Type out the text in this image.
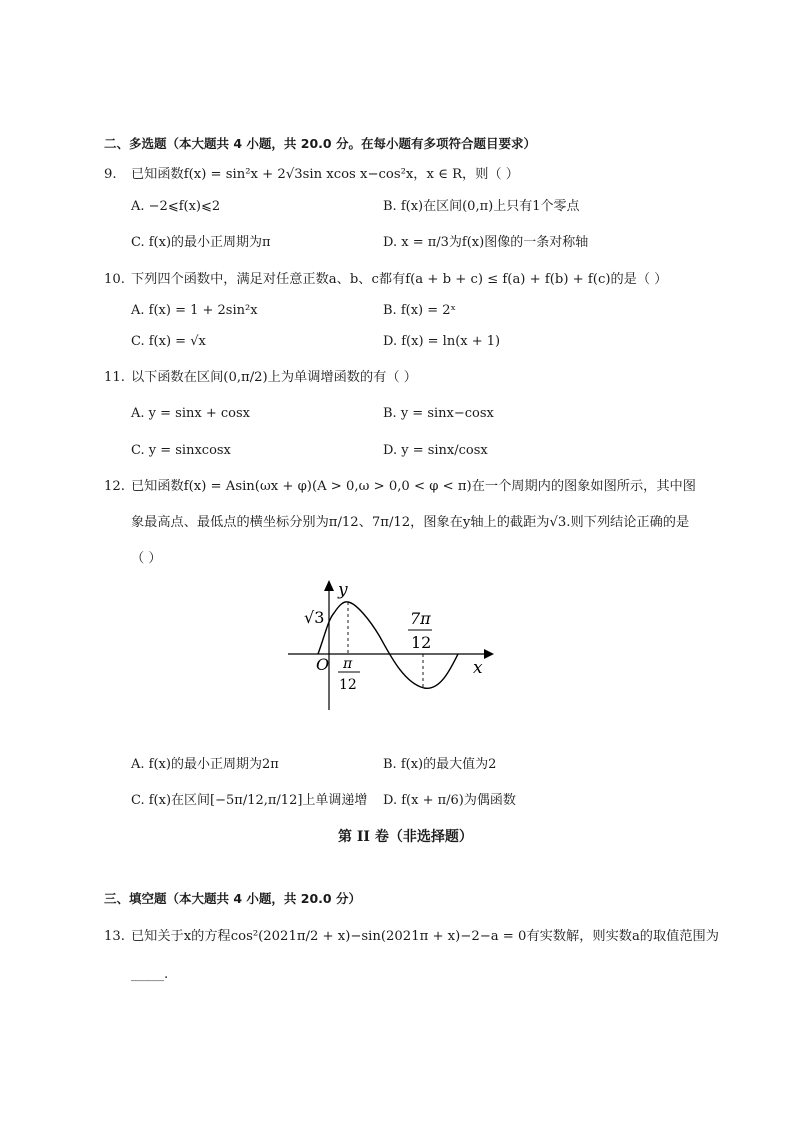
二、多选题（本大题共 4 小题，共 20.0 分。在每小题有多项符合题目要求）
9. 已知函数f(x) = sin²x + 2√3sin xcos x−cos²x，x ∈ R，则（ ）
A. −2⩽f(x)⩽2	B. f(x)在区间(0,π)上只有1个零点
C. f(x)的最小正周期为π	D. x = π/3为f(x)图像的一条对称轴
10. 下列四个函数中，满足对任意正数a、b、c都有f(a + b + c) ≤ f(a) + f(b) + f(c)的是（ ）
A. f(x) = 1 + 2sin²x	B. f(x) = 2ˣ
C. f(x) = √x	D. f(x) = ln(x + 1)
11. 以下函数在区间(0,π/2)上为单调增函数的有（ ）
A. y = sinx + cosx	B. y = sinx−cosx
C. y = sinxcosx	D. y = sinx/cosx
12. 已知函数f(x) = Asin(ωx + φ)(A > 0,ω > 0,0 < φ < π)在一个周期内的图象如图所示，其中图
象最高点、最低点的横坐标分别为π/12、7π/12，图象在y轴上的截距为√3.则下列结论正确的是
（ ）
y
x
O
√3
π
12
7π
12
A. f(x)的最小正周期为2π	B. f(x)的最大值为2
C. f(x)在区间[−5π/12,π/12]上单调递增 D. f(x + π/6)为偶函数
第 II 卷（非选择题）
三、填空题（本大题共 4 小题，共 20.0 分）
13. 已知关于x的方程cos²(2021π/2 + x)−sin(2021π + x)−2−a = 0有实数解，则实数a的取值范围为
_____.
